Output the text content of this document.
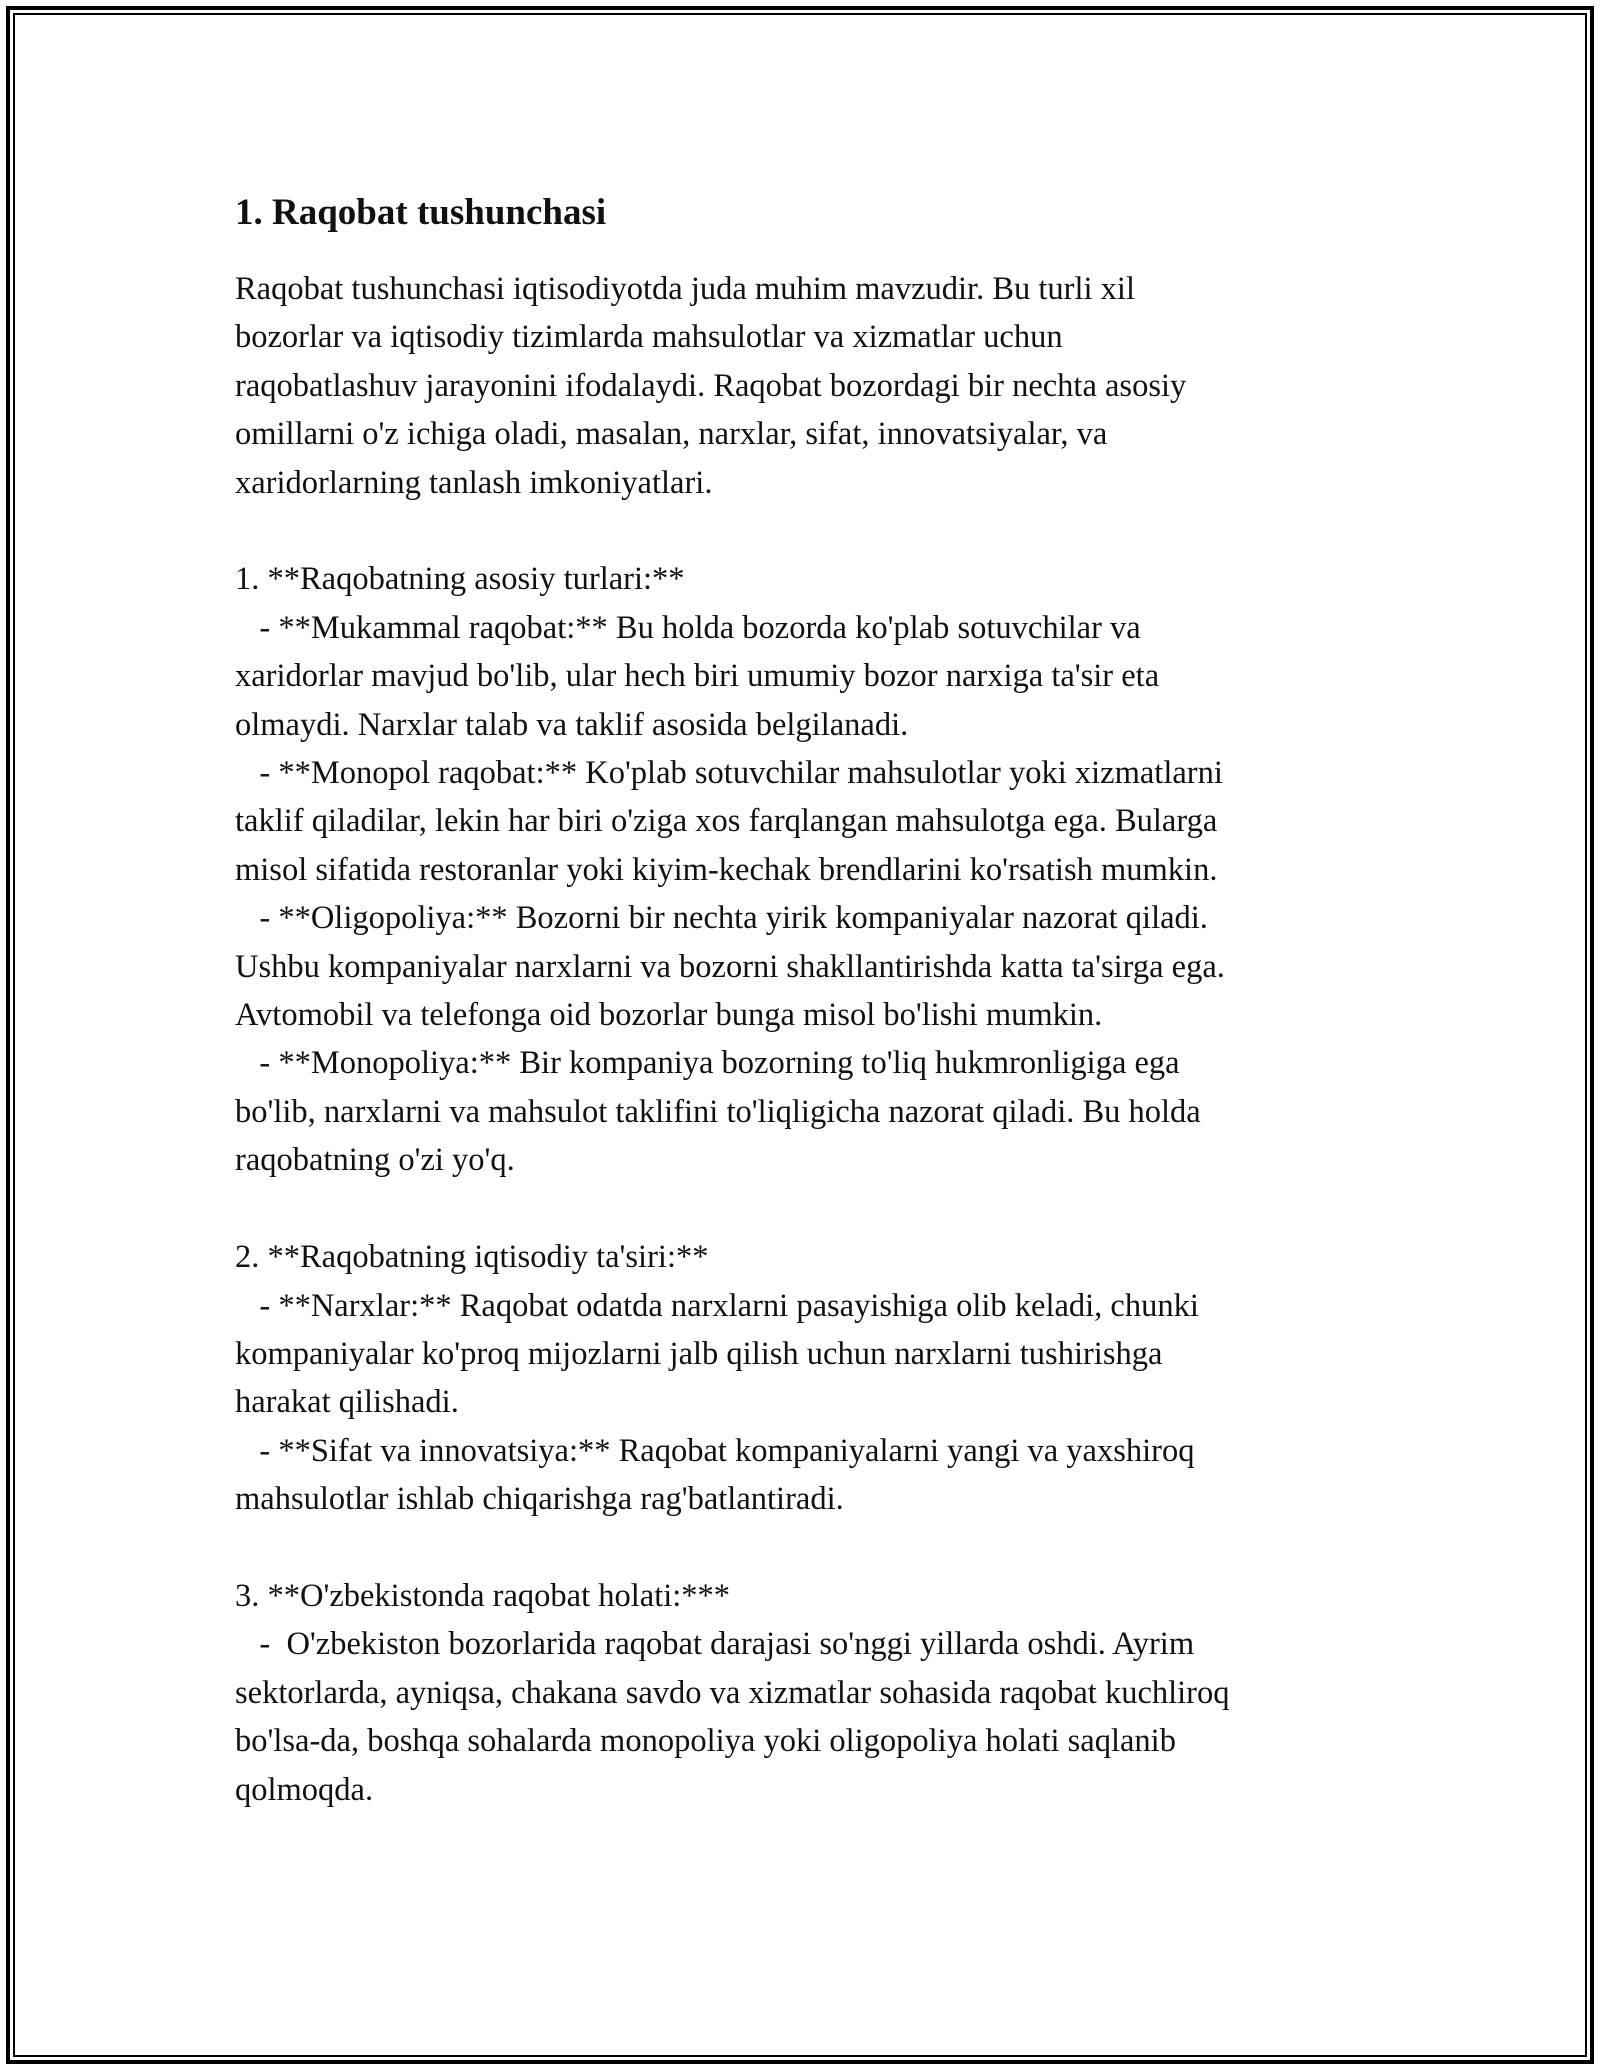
1. Raqobat tushunchasi
Raqobat tushunchasi iqtisodiyotda juda muhim mavzudir. Bu turli xil
bozorlar va iqtisodiy tizimlarda mahsulotlar va xizmatlar uchun
raqobatlashuv jarayonini ifodalaydi. Raqobat bozordagi bir nechta asosiy
omillarni o'z ichiga oladi, masalan, narxlar, sifat, innovatsiyalar, va
xaridorlarning tanlash imkoniyatlari.
1. **Raqobatning asosiy turlari:**
- **Mukammal raqobat:** Bu holda bozorda ko'plab sotuvchilar va
xaridorlar mavjud bo'lib, ular hech biri umumiy bozor narxiga ta'sir eta
olmaydi. Narxlar talab va taklif asosida belgilanadi.
- **Monopol raqobat:** Ko'plab sotuvchilar mahsulotlar yoki xizmatlarni
taklif qiladilar, lekin har biri o'ziga xos farqlangan mahsulotga ega. Bularga
misol sifatida restoranlar yoki kiyim-kechak brendlarini ko'rsatish mumkin.
- **Oligopoliya:** Bozorni bir nechta yirik kompaniyalar nazorat qiladi.
Ushbu kompaniyalar narxlarni va bozorni shakllantirishda katta ta'sirga ega.
Avtomobil va telefonga oid bozorlar bunga misol bo'lishi mumkin.
- **Monopoliya:** Bir kompaniya bozorning to'liq hukmronligiga ega
bo'lib, narxlarni va mahsulot taklifini to'liqligicha nazorat qiladi. Bu holda
raqobatning o'zi yo'q.
2. **Raqobatning iqtisodiy ta'siri:**
- **Narxlar:** Raqobat odatda narxlarni pasayishiga olib keladi, chunki
kompaniyalar ko'proq mijozlarni jalb qilish uchun narxlarni tushirishga
harakat qilishadi.
- **Sifat va innovatsiya:** Raqobat kompaniyalarni yangi va yaxshiroq
mahsulotlar ishlab chiqarishga rag'batlantiradi.
3. **O'zbekistonda raqobat holati:***
-  O'zbekiston bozorlarida raqobat darajasi so'nggi yillarda oshdi. Ayrim
sektorlarda, ayniqsa, chakana savdo va xizmatlar sohasida raqobat kuchliroq
bo'lsa-da, boshqa sohalarda monopoliya yoki oligopoliya holati saqlanib
qolmoqda.
